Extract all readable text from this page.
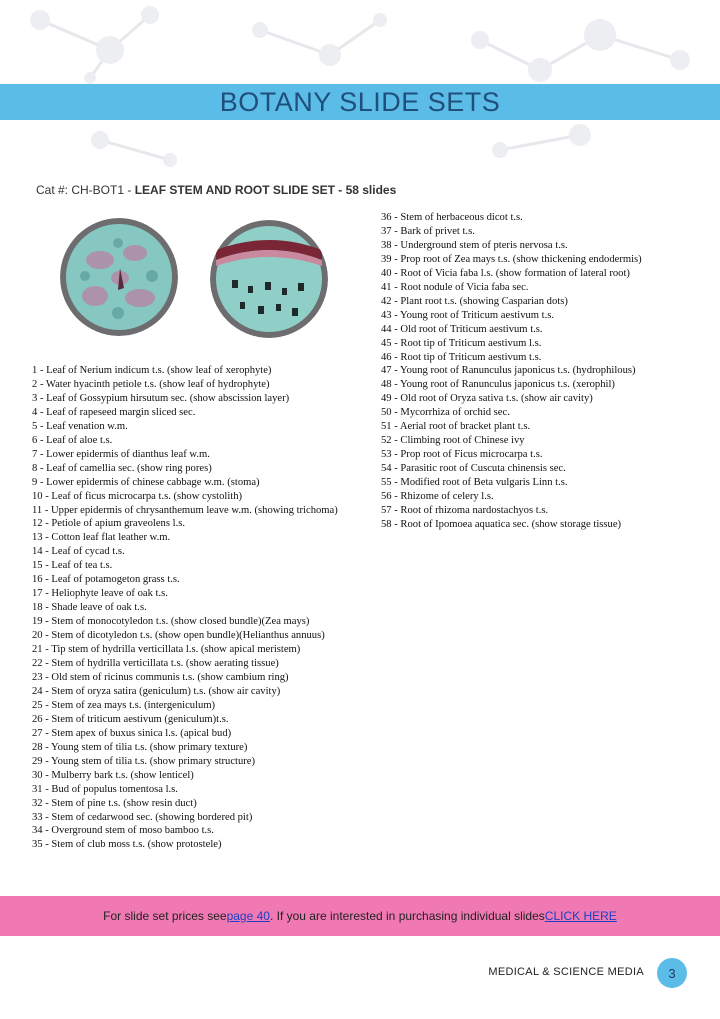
BOTANY SLIDE SETS
Cat #: CH-BOT1 - LEAF STEM AND ROOT SLIDE SET - 58 slides
1 - Leaf of Nerium indicum t.s. (show leaf of xerophyte)
2 - Water hyacinth petiole t.s. (show leaf of hydrophyte)
3 - Leaf of Gossypium hirsutum sec. (show abscission layer)
4 - Leaf of rapeseed margin sliced sec.
5 - Leaf venation w.m.
6 - Leaf of aloe t.s.
7 - Lower epidermis of dianthus leaf w.m.
8 - Leaf of camellia sec. (show ring pores)
9 - Lower epidermis of chinese cabbage w.m. (stoma)
10 - Leaf of ficus microcarpa t.s. (show cystolith)
11 - Upper epidermis of chrysanthemum leave w.m. (showing trichoma)
12 - Petiole of apium graveolens l.s.
13 - Cotton leaf flat leather w.m.
14 - Leaf of cycad t.s.
15 - Leaf of tea t.s.
16 - Leaf of potamogeton grass t.s.
17 - Heliophyte leave of oak t.s.
18 - Shade leave of oak t.s.
19 - Stem of monocotyledon t.s. (show closed bundle)(Zea mays)
20 - Stem of dicotyledon t.s. (show open bundle)(Helianthus annuus)
21 - Tip stem of hydrilla verticillata l.s. (show apical meristem)
22 - Stem of hydrilla verticillata t.s. (show aerating tissue)
23 - Old stem of ricinus communis t.s. (show cambium ring)
24 - Stem of oryza satira (geniculum) t.s. (show air cavity)
25 - Stem of zea mays t.s. (intergeniculum)
26 - Stem of triticum aestivum (geniculum)t.s.
27 - Stem apex of buxus sinica l.s. (apical bud)
28 - Young stem of tilia t.s. (show primary texture)
29 - Young stem of tilia t.s. (show primary structure)
30 - Mulberry bark t.s. (show lenticel)
31 - Bud of populus tomentosa l.s.
32 - Stem of pine t.s. (show resin duct)
33 - Stem of cedarwood sec. (showing bordered pit)
34 - Overground stem of moso bamboo t.s.
35 - Stem of club moss t.s. (show protostele)
36 - Stem of herbaceous dicot t.s.
37 - Bark of privet t.s.
38 - Underground stem of pteris nervosa t.s.
39 - Prop root of Zea mays t.s. (show thickening endodermis)
40 - Root of Vicia faba l.s. (show formation of lateral root)
41 - Root nodule of Vicia faba sec.
42 - Plant root t.s. (showing Casparian dots)
43 - Young root of Triticum aestivum t.s.
44 - Old root of Triticum aestivum t.s.
45 - Root tip of Triticum aestivum l.s.
46 - Root tip of Triticum aestivum t.s.
47 - Young root of Ranunculus japonicus t.s. (hydrophilous)
48 - Young root of Ranunculus japonicus t.s. (xerophil)
49 - Old root of Oryza sativa t.s. (show air cavity)
50 - Mycorrhiza of orchid sec.
51 - Aerial root of bracket plant t.s.
52 - Climbing root of Chinese ivy
53 - Prop root of Ficus microcarpa t.s.
54 - Parasitic root of Cuscuta chinensis sec.
55 - Modified root of Beta vulgaris Linn t.s.
56 - Rhizome of celery l.s.
57 - Root of rhizoma nardostachyos t.s.
58 - Root of Ipomoea aquatica sec. (show storage tissue)
For slide set prices see page 40 . If you are interested in purchasing individual slides CLICK HERE
MEDICAL & SCIENCE MEDIA	3
